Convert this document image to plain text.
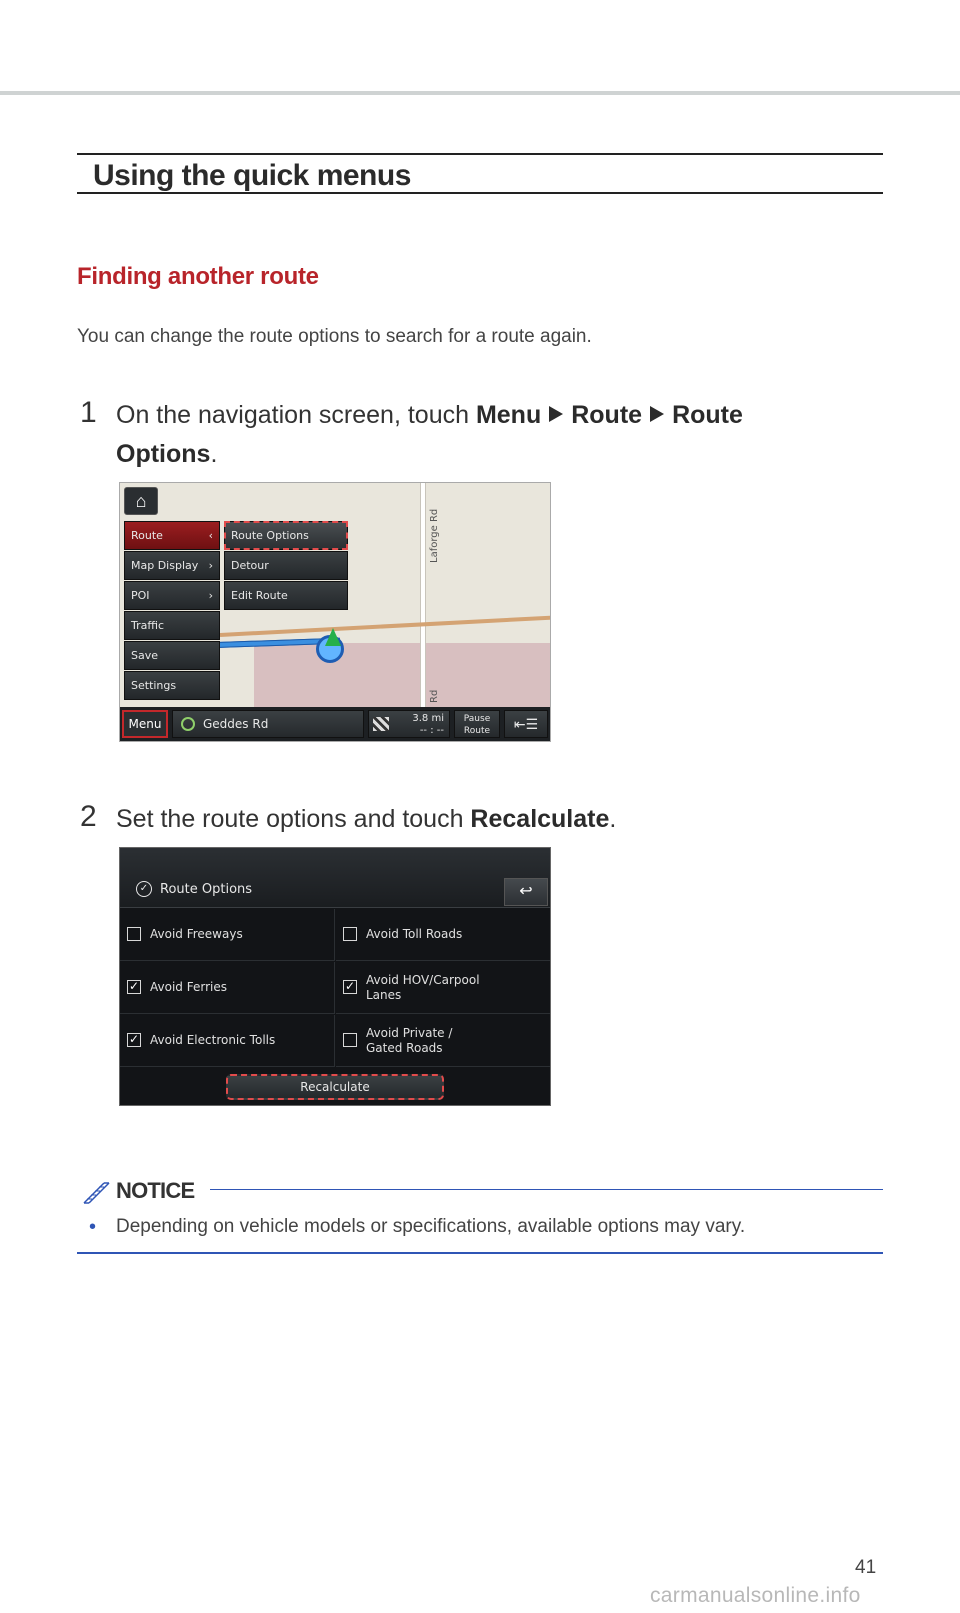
Using the quick menus
Finding another route
You can change the route options to search for a route again.
1 On the navigation screen, touch Menu Route Route
Options.
Laforge Rd
Rd
⌂
Route	‹
Map Display ›
POI	›
Traffic
Save
Settings
Route Options
Detour
Edit Route
Menu	Geddes Rd	3.8 mi
-- : --
Pause
Route	⇤☰
2 Set the route options and touch Recalculate.
✓ Route Options	↩
Avoid Freeways	Avoid Toll Roads
✓ Avoid Ferries	✓ Avoid HOV/Carpool
Lanes
✓ Avoid Electronic Tolls	Avoid Private /
Gated Roads
Recalculate
NOTICE
• Depending on vehicle models or specifications, available options may vary.
41
carmanualsonline.info
